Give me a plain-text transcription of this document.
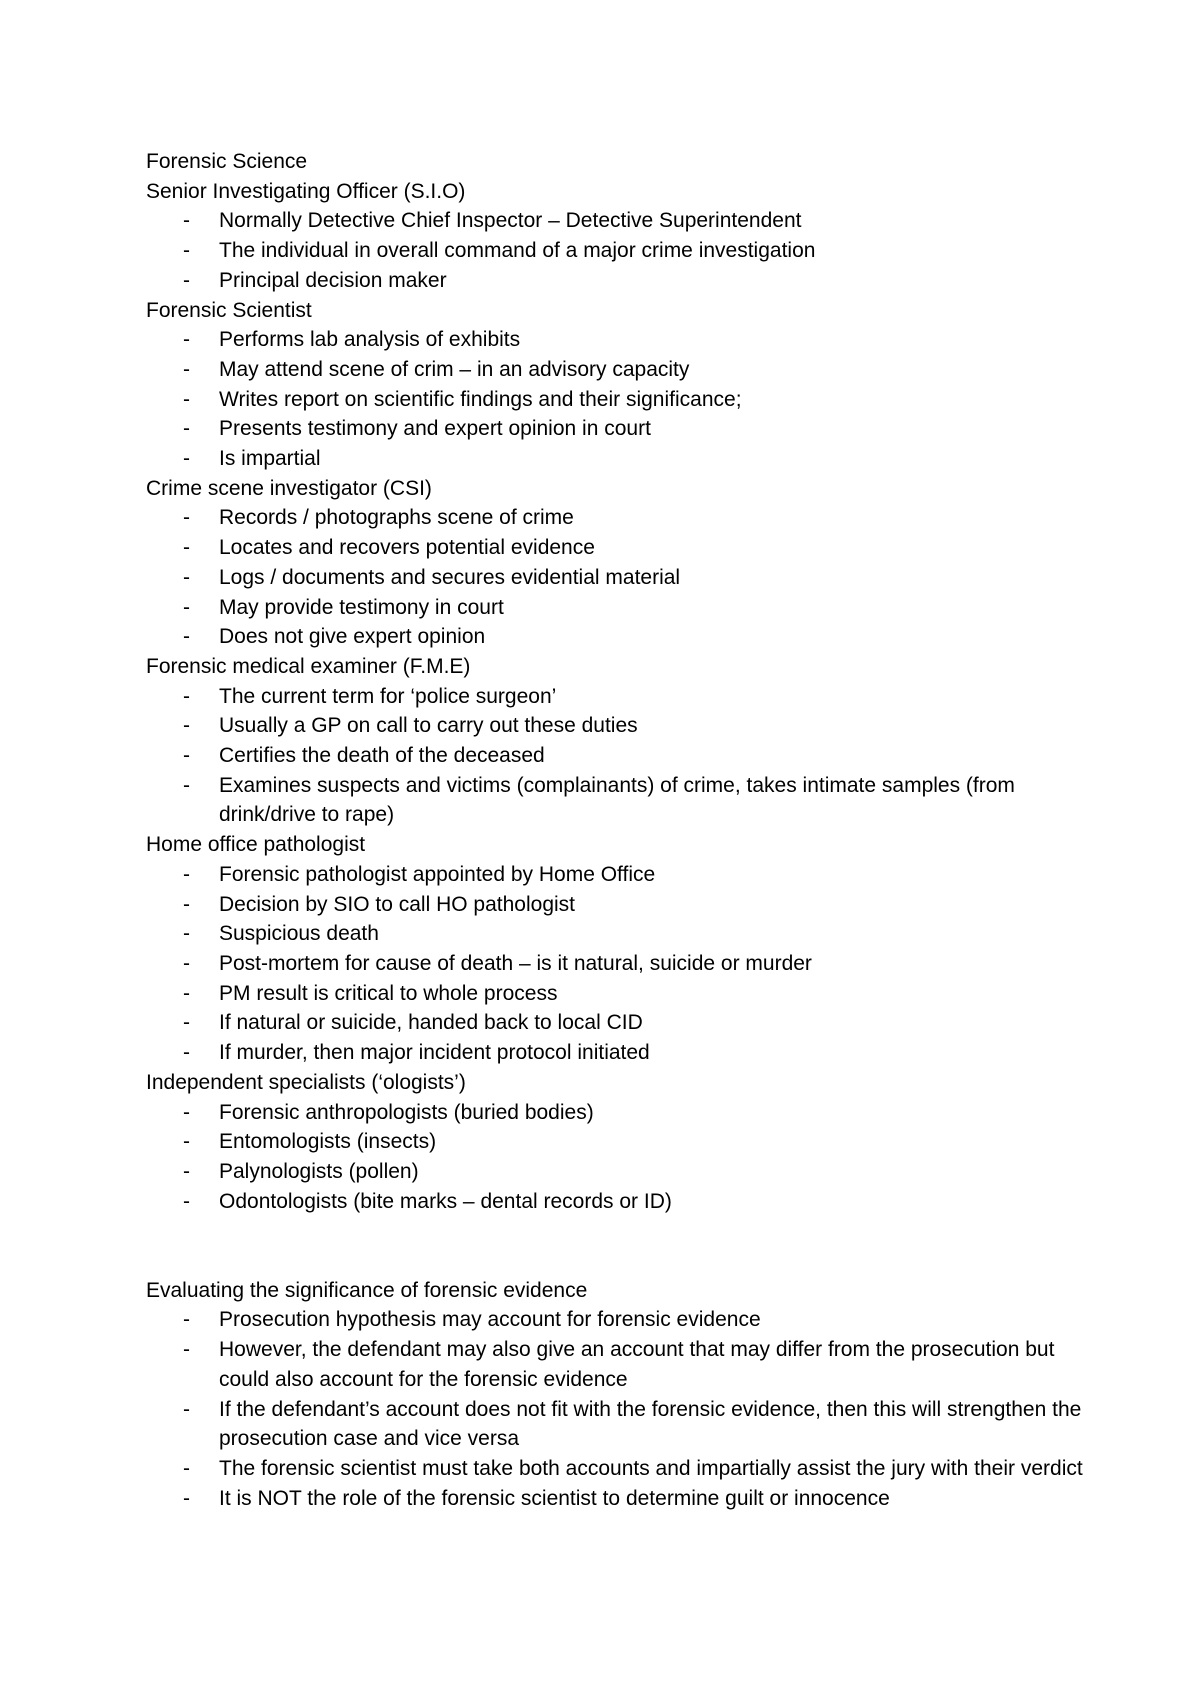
Forensic Science
Senior Investigating Officer (S.I.O)
- Normally Detective Chief Inspector – Detective Superintendent
- The individual in overall command of a major crime investigation
- Principal decision maker
Forensic Scientist
- Performs lab analysis of exhibits
- May attend scene of crim – in an advisory capacity
- Writes report on scientific findings and their significance;
- Presents testimony and expert opinion in court
- Is impartial
Crime scene investigator (CSI)
- Records / photographs scene of crime
- Locates and recovers potential evidence
- Logs / documents and secures evidential material
- May provide testimony in court
- Does not give expert opinion
Forensic medical examiner (F.M.E)
- The current term for ‘police surgeon’
- Usually a GP on call to carry out these duties
- Certifies the death of the deceased
- Examines suspects and victims (complainants) of crime, takes intimate samples (from drink/drive to rape)
Home office pathologist
- Forensic pathologist appointed by Home Office
- Decision by SIO to call HO pathologist
- Suspicious death
- Post-mortem for cause of death – is it natural, suicide or murder
- PM result is critical to whole process
- If natural or suicide, handed back to local CID
- If murder, then major incident protocol initiated
Independent specialists (‘ologists’)
- Forensic anthropologists (buried bodies)
- Entomologists (insects)
- Palynologists (pollen)
- Odontologists (bite marks – dental records or ID)
Evaluating the significance of forensic evidence
- Prosecution hypothesis may account for forensic evidence
- However, the defendant may also give an account that may differ from the prosecution but could also account for the forensic evidence
- If the defendant’s account does not fit with the forensic evidence, then this will strengthen the prosecution case and vice versa
- The forensic scientist must take both accounts and impartially assist the jury with their verdict
- It is NOT the role of the forensic scientist to determine guilt or innocence
